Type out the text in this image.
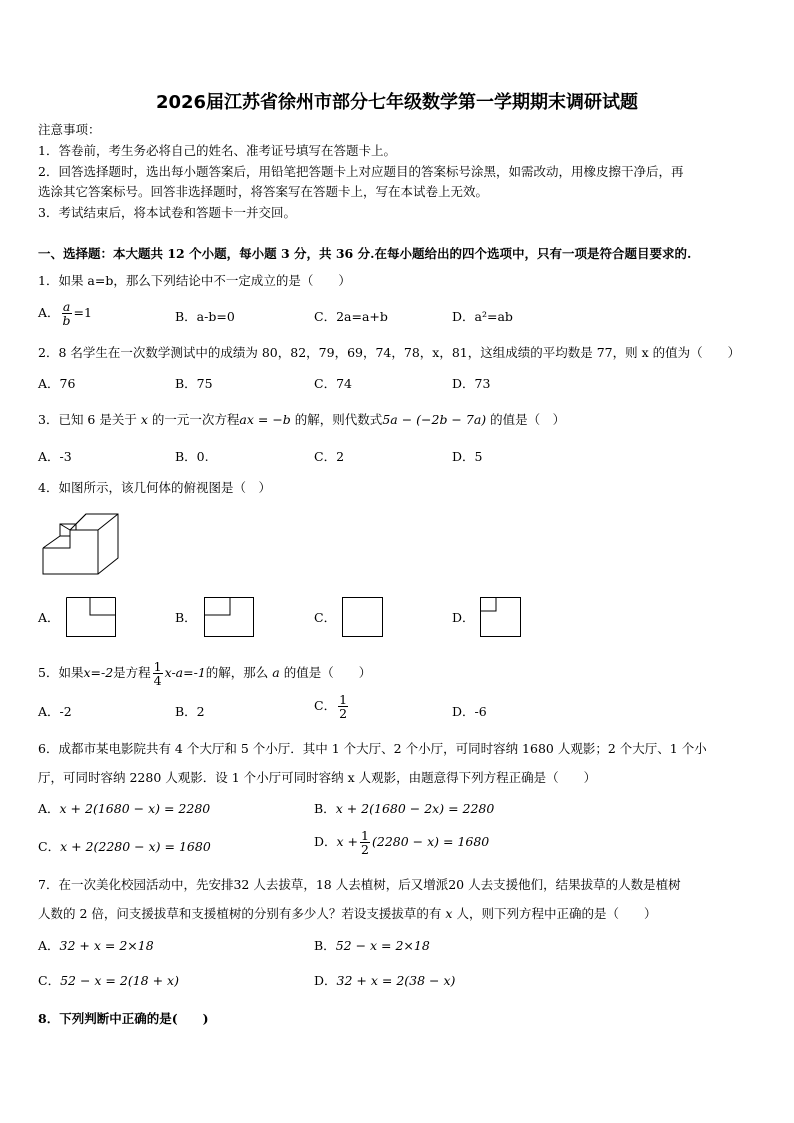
2026届江苏省徐州市部分七年级数学第一学期期末调研试题
注意事项：
1．答卷前，考生务必将自己的姓名、准考证号填写在答题卡上。
2．回答选择题时，选出每小题答案后，用铅笔把答题卡上对应题目的答案标号涂黑，如需改动，用橡皮擦干净后，再
选涂其它答案标号。回答非选择题时，将答案写在答题卡上，写在本试卷上无效。
3．考试结束后，将本试卷和答题卡一并交回。
一、选择题：本大题共 12 个小题，每小题 3 分，共 36 分.在每小题给出的四个选项中，只有一项是符合题目要求的.
1．如果 a=b，那么下列结论中不一定成立的是（　　）
A． $\frac{a}{b} =1$	B．a-b=0	C．2a=a+b	D．a²=ab
2．8 名学生在一次数学测试中的成绩为 80，82，79，69，74，78，x，81，这组成绩的平均数是 77，则 x 的值为（　　）
A．76	B．75	C．74	D．73
3．已知 6 是关于 x 的一元一次方程ax = −b 的解，则代数式5a − (−2b − 7a) 的值是（　）
A．-3	B．0.	C．2	D．5
4．如图所示，该几何体的俯视图是（　）
A．	B．	C．	D．
5．如果x=-2是方程 $\frac{1}{4} x-a=-1$的解，那么 a 的值是（　　）
A．-2	B．2	C． $\frac{1}{2}$	D．-6
6．成都市某电影院共有 4 个大厅和 5 个小厅．其中 1 个大厅、2 个小厅，可同时容纳 1680 人观影；2 个大厅、1 个小
厅，可同时容纳 2280 人观影．设 1 个小厅可同时容纳 x 人观影，由题意得下列方程正确是（　　）
A．x + 2(1680 − x) = 2280	B．x + 2(1680 − 2x) = 2280
C．x + 2(2280 − x) = 1680	D．$x + \frac{1}{2} (2280 - x) = 1680$
7．在一次美化校园活动中，先安排32 人去拔草，18 人去植树，后又增派20 人去支援他们，结果拔草的人数是植树
人数的 2 倍，问支援拔草和支援植树的分别有多少人？若设支援拔草的有 x 人，则下列方程中正确的是（　　）
A．32 + x = 2×18	B．52 − x = 2×18
C．52 − x = 2(18 + x)	D．32 + x = 2(38 − x)
8．下列判断中正确的是(　　)
